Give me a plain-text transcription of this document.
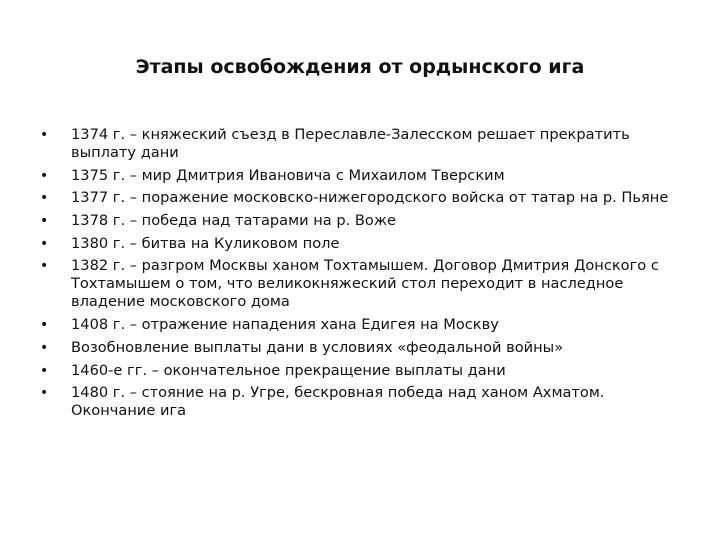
Этапы освобождения от ордынского ига
•	1374 г. – княжеский съезд в Переславле-Залесском решает прекратить выплату дани
•	1375 г. – мир Дмитрия Ивановича с Михаилом Тверским
•	1377 г. – поражение московско-нижегородского войска от татар на р. Пьяне
•	1378 г. – победа над татарами на р. Воже
•	1380 г. – битва на Куликовом поле
•	1382 г. – разгром Москвы ханом Тохтамышем. Договор Дмитрия Донского с Тохтамышем о том, что великокняжеский стол переходит в наследное владение московского дома
•	1408 г. – отражение нападения хана Едигея на Москву
•	Возобновление выплаты дани в условиях «феодальной войны»
•	1460-е гг. – окончательное прекращение выплаты дани
•	1480 г. – стояние на р. Угре, бескровная победа над ханом Ахматом. Окончание ига
